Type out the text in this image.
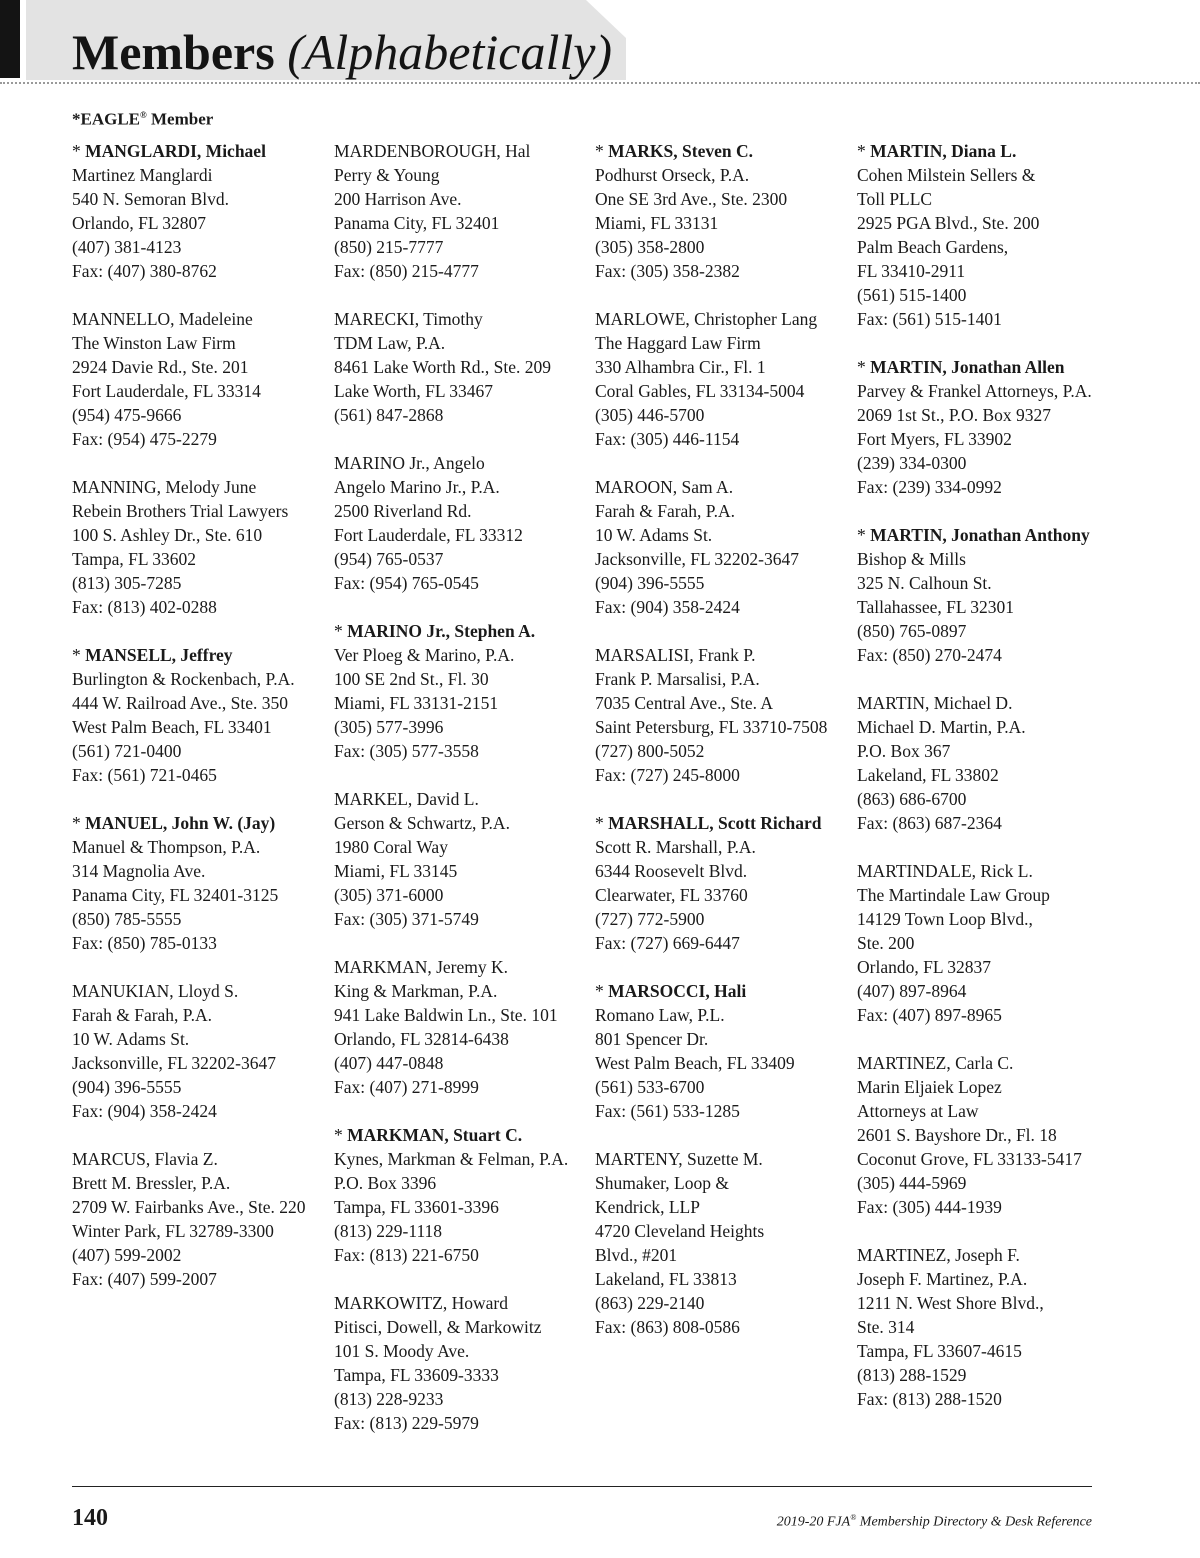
Members (Alphabetically)
*EAGLE® Member
* MANGLARDI, Michael
Martinez Manglardi
540 N. Semoran Blvd.
Orlando, FL 32807
(407) 381-4123
Fax: (407) 380-8762
MANNELLO, Madeleine
The Winston Law Firm
2924 Davie Rd., Ste. 201
Fort Lauderdale, FL 33314
(954) 475-9666
Fax: (954) 475-2279
MANNING, Melody June
Rebein Brothers Trial Lawyers
100 S. Ashley Dr., Ste. 610
Tampa, FL 33602
(813) 305-7285
Fax: (813) 402-0288
* MANSELL, Jeffrey
Burlington & Rockenbach, P.A.
444 W. Railroad Ave., Ste. 350
West Palm Beach, FL 33401
(561) 721-0400
Fax: (561) 721-0465
* MANUEL, John W. (Jay)
Manuel & Thompson, P.A.
314 Magnolia Ave.
Panama City, FL 32401-3125
(850) 785-5555
Fax: (850) 785-0133
MANUKIAN, Lloyd S.
Farah & Farah, P.A.
10 W. Adams St.
Jacksonville, FL 32202-3647
(904) 396-5555
Fax: (904) 358-2424
MARCUS, Flavia Z.
Brett M. Bressler, P.A.
2709 W. Fairbanks Ave., Ste. 220
Winter Park, FL 32789-3300
(407) 599-2002
Fax: (407) 599-2007
MARDENBOROUGH, Hal
Perry & Young
200 Harrison Ave.
Panama City, FL 32401
(850) 215-7777
Fax: (850) 215-4777
MARECKI, Timothy
TDM Law, P.A.
8461 Lake Worth Rd., Ste. 209
Lake Worth, FL 33467
(561) 847-2868
MARINO Jr., Angelo
Angelo Marino Jr., P.A.
2500 Riverland Rd.
Fort Lauderdale, FL 33312
(954) 765-0537
Fax: (954) 765-0545
* MARINO Jr., Stephen A.
Ver Ploeg & Marino, P.A.
100 SE 2nd St., Fl. 30
Miami, FL 33131-2151
(305) 577-3996
Fax: (305) 577-3558
MARKEL, David L.
Gerson & Schwartz, P.A.
1980 Coral Way
Miami, FL 33145
(305) 371-6000
Fax: (305) 371-5749
MARKMAN, Jeremy K.
King & Markman, P.A.
941 Lake Baldwin Ln., Ste. 101
Orlando, FL 32814-6438
(407) 447-0848
Fax: (407) 271-8999
* MARKMAN, Stuart C.
Kynes, Markman & Felman, P.A.
P.O. Box 3396
Tampa, FL 33601-3396
(813) 229-1118
Fax: (813) 221-6750
MARKOWITZ, Howard
Pitisci, Dowell, & Markowitz
101 S. Moody Ave.
Tampa, FL 33609-3333
(813) 228-9233
Fax: (813) 229-5979
* MARKS, Steven C.
Podhurst Orseck, P.A.
One SE 3rd Ave., Ste. 2300
Miami, FL 33131
(305) 358-2800
Fax: (305) 358-2382
MARLOWE, Christopher Lang
The Haggard Law Firm
330 Alhambra Cir., Fl. 1
Coral Gables, FL 33134-5004
(305) 446-5700
Fax: (305) 446-1154
MAROON, Sam A.
Farah & Farah, P.A.
10 W. Adams St.
Jacksonville, FL 32202-3647
(904) 396-5555
Fax: (904) 358-2424
MARSALISI, Frank P.
Frank P. Marsalisi, P.A.
7035 Central Ave., Ste. A
Saint Petersburg, FL 33710-7508
(727) 800-5052
Fax: (727) 245-8000
* MARSHALL, Scott Richard
Scott R. Marshall, P.A.
6344 Roosevelt Blvd.
Clearwater, FL 33760
(727) 772-5900
Fax: (727) 669-6447
* MARSOCCI, Hali
Romano Law, P.L.
801 Spencer Dr.
West Palm Beach, FL 33409
(561) 533-6700
Fax: (561) 533-1285
MARTENY, Suzette M.
Shumaker, Loop &
Kendrick, LLP
4720 Cleveland Heights
Blvd., #201
Lakeland, FL 33813
(863) 229-2140
Fax: (863) 808-0586
* MARTIN, Diana L.
Cohen Milstein Sellers &
Toll PLLC
2925 PGA Blvd., Ste. 200
Palm Beach Gardens,
FL 33410-2911
(561) 515-1400
Fax: (561) 515-1401
* MARTIN, Jonathan Allen
Parvey & Frankel Attorneys, P.A.
2069 1st St., P.O. Box 9327
Fort Myers, FL 33902
(239) 334-0300
Fax: (239) 334-0992
* MARTIN, Jonathan Anthony
Bishop & Mills
325 N. Calhoun St.
Tallahassee, FL 32301
(850) 765-0897
Fax: (850) 270-2474
MARTIN, Michael D.
Michael D. Martin, P.A.
P.O. Box 367
Lakeland, FL 33802
(863) 686-6700
Fax: (863) 687-2364
MARTINDALE, Rick L.
The Martindale Law Group
14129 Town Loop Blvd.,
Ste. 200
Orlando, FL 32837
(407) 897-8964
Fax: (407) 897-8965
MARTINEZ, Carla C.
Marin Eljaiek Lopez
Attorneys at Law
2601 S. Bayshore Dr., Fl. 18
Coconut Grove, FL 33133-5417
(305) 444-5969
Fax: (305) 444-1939
MARTINEZ, Joseph F.
Joseph F. Martinez, P.A.
1211 N. West Shore Blvd.,
Ste. 314
Tampa, FL 33607-4615
(813) 288-1529
Fax: (813) 288-1520
140	2019-20 FJA® Membership Directory & Desk Reference
